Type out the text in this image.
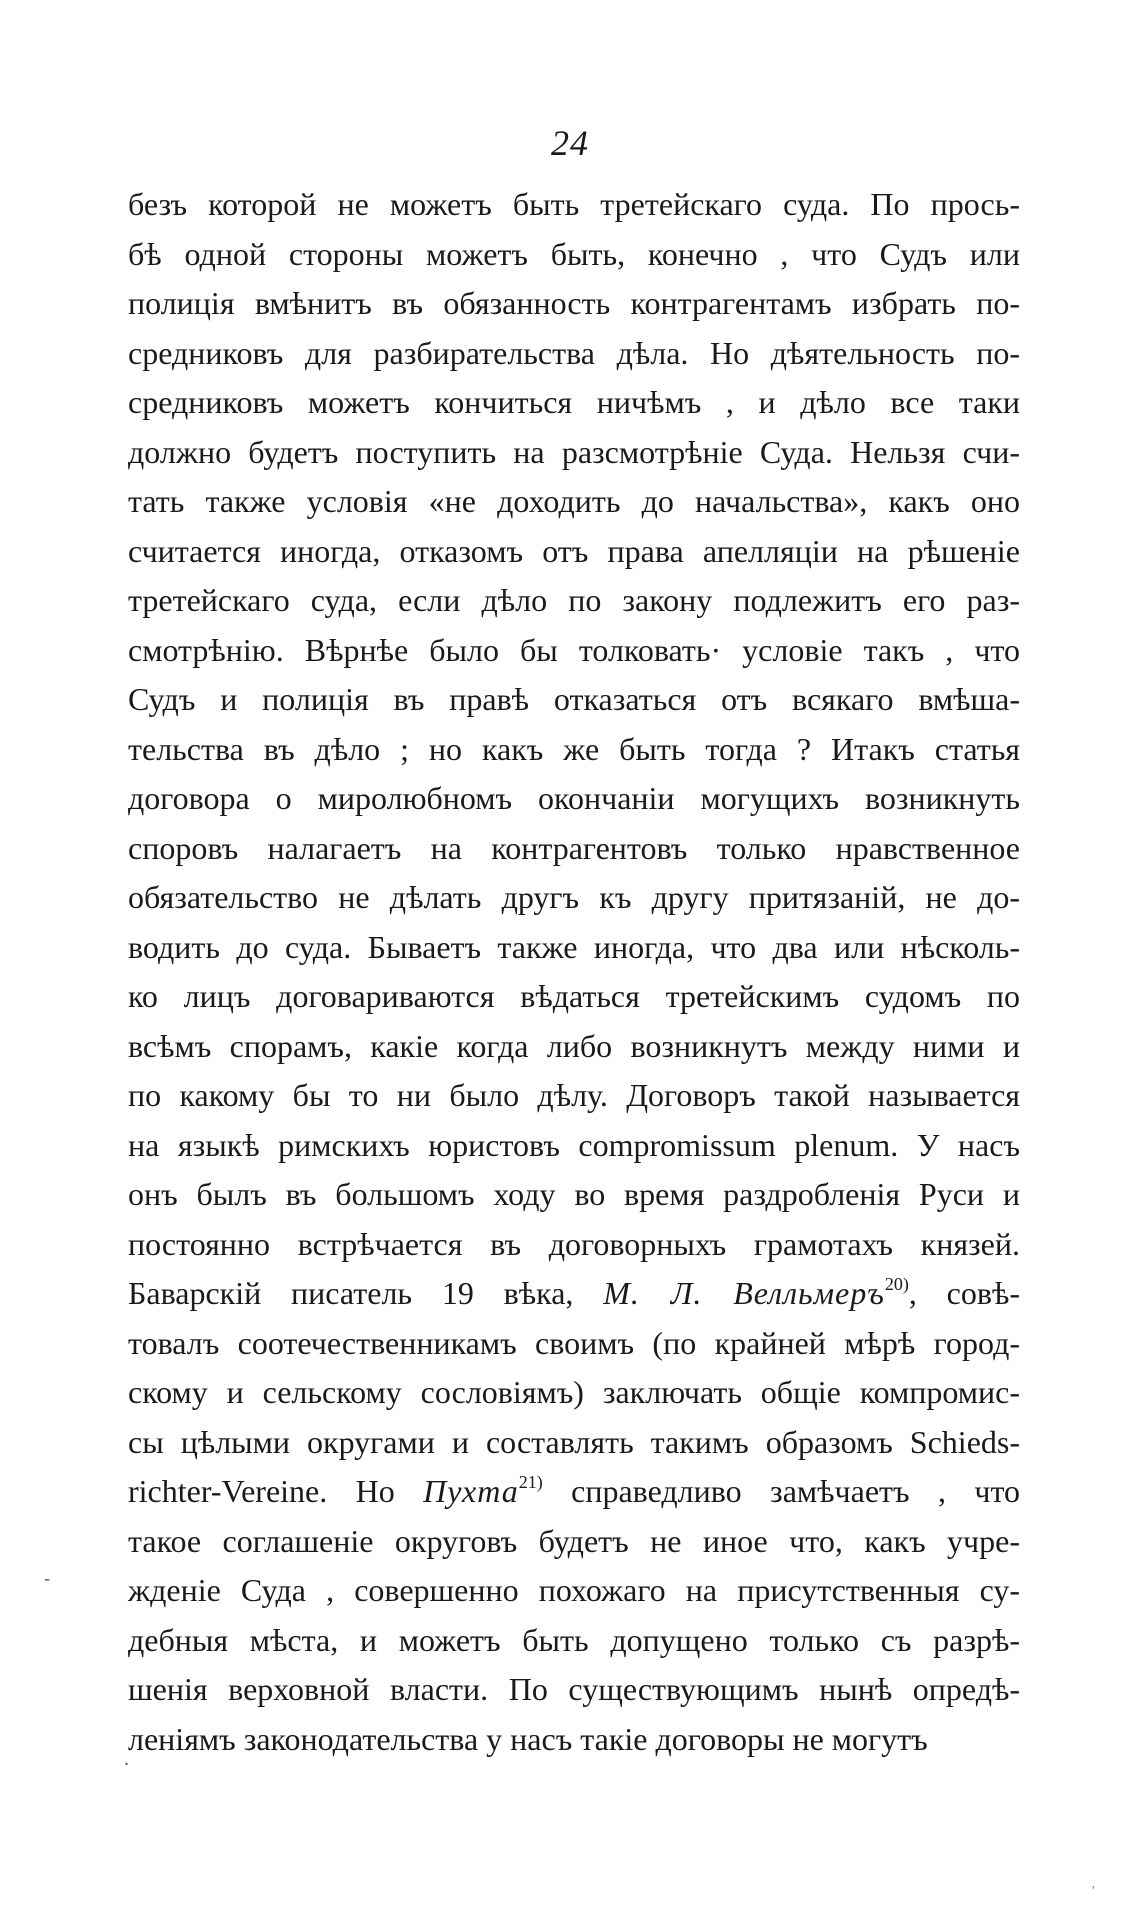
24
безъ которой не можетъ быть третейскаго суда. По прось-
бѣ одной стороны можетъ быть, конечно , что Судъ или
полиція вмѣнитъ въ обязанность контрагентамъ избрать по-
средниковъ для разбирательства дѣла. Но дѣятельность по-
средниковъ можетъ кончиться ничѣмъ , и дѣло все таки
должно будетъ поступить на разсмотрѣніе Суда. Нельзя счи-
тать также условія «не доходить до начальства», какъ оно
считается иногда, отказомъ отъ права апелляціи на рѣшеніе
третейскаго суда, если дѣло по закону подлежитъ его раз-
смотрѣнію. Вѣрнѣе было бы толковать· условіе такъ , что
Судъ и полиція въ правѣ отказаться отъ всякаго вмѣша-
тельства въ дѣло ; но какъ же быть тогда ? Итакъ статья
договора о миролюбномъ окончаніи могущихъ возникнуть
споровъ налагаетъ на контрагентовъ только нравственное
обязательство не дѣлать другъ къ другу притязаній, не до-
водить до суда. Бываетъ также иногда, что два или нѣсколь-
ко лицъ договариваются вѣдаться третейскимъ судомъ по
всѣмъ спорамъ, какіе когда либо возникнутъ между ними и
по какому бы то ни было дѣлу. Договоръ такой называется
на языкѣ римскихъ юристовъ compromissum plenum. У насъ
онъ былъ въ большомъ ходу во время раздробленія Руси и
постоянно встрѣчается въ договорныхъ грамотахъ князей.
Баварскій писатель 19 вѣка, М. Л. Велльмеръ$^{20)}$, совѣ-
товалъ соотечественникамъ своимъ (по крайней мѣрѣ город-
скому и сельскому сословіямъ) заключать общіе компромис-
сы цѣлыми округами и составлять такимъ образомъ Schieds-
richter-Vereine. Но Пухта$^{21)}$ справедливо замѣчаетъ , что
такое соглашеніе округовъ будетъ не иное что, какъ учре-
жденіе Суда , совершенно похожаго на присутственныя су-
дебныя мѣста, и можетъ быть допущено только съ разрѣ-
шенія верховной власти. По существующимъ нынѣ опредѣ-
леніямъ законодательства у насъ такіе договоры не могутъ
-
.
'
